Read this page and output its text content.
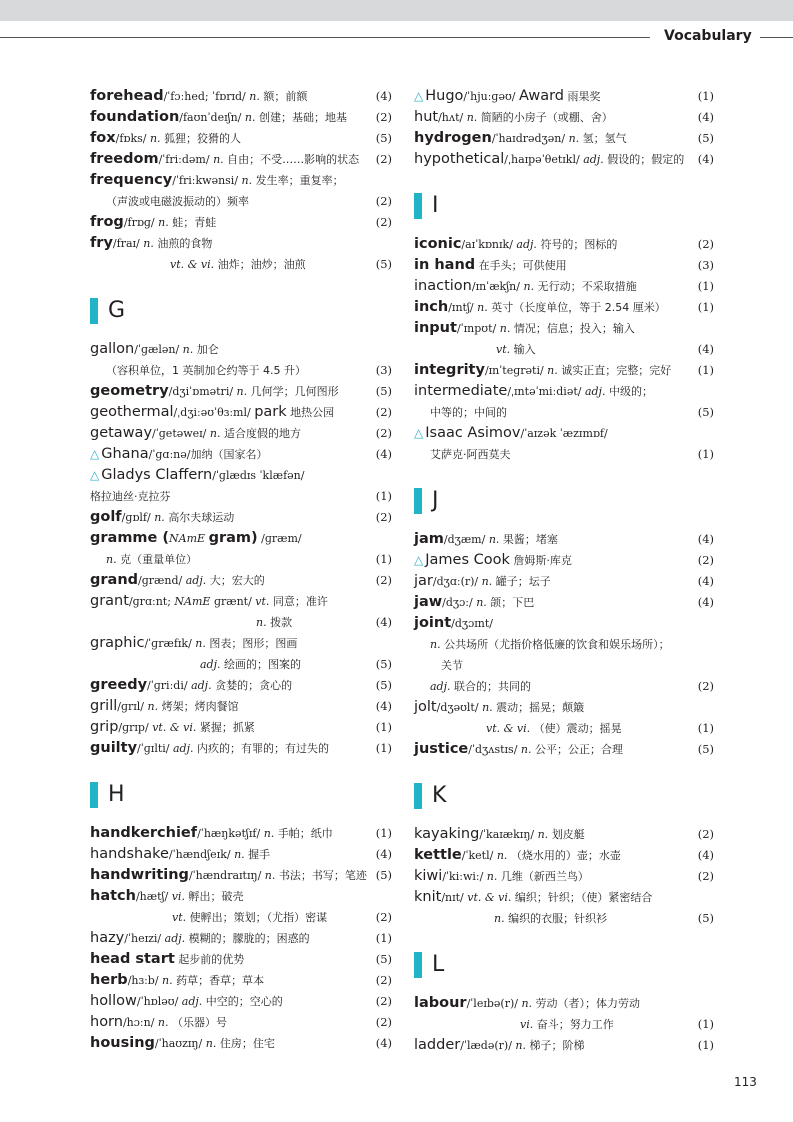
Vocabulary
forehead/ˈfɔːhed; ˈfɒrɪd/ n. 额；前额	(4)
foundation/faʊnˈdeɪʃn/ n. 创建；基础；地基 (2)
fox/fɒks/ n. 狐狸；狡猾的人	(5)
freedom/ˈfriːdəm/ n. 自由；不受……影响的状态 (2)
frequency/ˈfriːkwənsi/ n. 发生率；重复率；
（声波或电磁波振动的）频率	(2)
frog/frɒɡ/ n. 蛙；青蛙	(2)
fry/fraɪ/ n. 油煎的食物
vt. & vi. 油炸；油炒；油煎	(5)
G
gallon/ˈɡælən/ n. 加仑
（容积单位，1 英制加仑约等于 4.5 升）	(3)
geometry/dʒiˈɒmətri/ n. 几何学；几何图形	(5)
geothermal/ˌdʒiːəʊˈθɜːml/ park 地热公园	(2)
getaway/ˈɡetəweɪ/ n. 适合度假的地方	(2)
△ Ghana/ˈɡɑːnə/加纳（国家名）	(4)
△ Gladys Claffern/ˈɡlædɪs ˈklæfən/
格拉迪丝·克拉芬	(1)
golf/ɡɒlf/ n. 高尔夫球运动	(2)
gramme (NAmE gram) /ɡræm/
n. 克（重量单位）	(1)
grand/ɡrænd/ adj. 大；宏大的	(2)
grant/ɡrɑːnt; NAmE ɡrænt/ vt. 同意；准许
n. 拨款	(4)
graphic/ˈɡræfɪk/ n. 图表；图形；图画
adj. 绘画的；图案的	(5)
greedy/ˈɡriːdi/ adj. 贪婪的；贪心的	(5)
grill/ɡrɪl/ n. 烤架；烤肉餐馆	(4)
grip/ɡrɪp/ vt. & vi. 紧握；抓紧	(1)
guilty/ˈɡɪlti/ adj. 内疚的；有罪的；有过失的	(1)
H
handkerchief/ˈhæŋkətʃɪf/ n. 手帕；纸巾	(1)
handshake/ˈhændʃeɪk/ n. 握手	(4)
handwriting/ˈhændraɪtɪŋ/ n. 书法；书写；笔迹 (5)
hatch/hætʃ/ vi. 孵出；破壳
vt. 使孵出；策划；（尤指）密谋	(2)
hazy/ˈheɪzi/ adj. 模糊的；朦胧的；困惑的	(1)
head start 起步前的优势	(5)
herb/hɜːb/ n. 药草；香草；草本	(2)
hollow/ˈhɒləʊ/ adj. 中空的；空心的	(2)
horn/hɔːn/ n. （乐器）号	(2)
housing/ˈhaʊzɪŋ/ n. 住房；住宅	(4)
△ Hugo/ˈhjuːɡəʊ/ Award 雨果奖	(1)
hut/hʌt/ n. 简陋的小房子（或棚、舍）	(4)
hydrogen/ˈhaɪdrədʒən/ n. 氢；氢气	(5)
hypothetical/ˌhaɪpəˈθetɪkl/ adj. 假设的；假定的 (4)
I
iconic/aɪˈkɒnɪk/ adj. 符号的；图标的	(2)
in hand 在手头；可供使用	(3)
inaction/ɪnˈækʃn/ n. 无行动；不采取措施	(1)
inch/ɪntʃ/ n. 英寸（长度单位，等于 2.54 厘米）	(1)
input/ˈɪnpʊt/ n. 情况；信息；投入；输入
vt. 输入	(4)
integrity/ɪnˈteɡrəti/ n. 诚实正直；完整；完好 (1)
intermediate/ˌɪntəˈmiːdiət/ adj. 中级的；
中等的；中间的	(5)
△ Isaac Asimov/ˈaɪzək ˈæzɪmɒf/
艾萨克·阿西莫夫	(1)
J
jam/dʒæm/ n. 果酱；堵塞	(4)
△ James Cook 詹姆斯·库克	(2)
jar/dʒɑː(r)/ n. 罐子；坛子	(4)
jaw/dʒɔː/ n. 颌；下巴	(4)
joint/dʒɔɪnt/
n. 公共场所（尤指价格低廉的饮食和娱乐场所）；
　关节
adj. 联合的；共同的	(2)
jolt/dʒəʊlt/ n. 震动；摇晃；颠簸
vt. & vi. （使）震动；摇晃	(1)
justice/ˈdʒʌstɪs/ n. 公平；公正；合理	(5)
K
kayaking/ˈkaɪækɪŋ/ n. 划皮艇	(2)
kettle/ˈketl/ n. （烧水用的）壶；水壶	(4)
kiwi/ˈkiːwiː/ n. 几维（新西兰鸟）	(2)
knit/nɪt/ vt. & vi. 编织；针织；（使）紧密结合
n. 编织的衣服；针织衫	(5)
L
labour/ˈleɪbə(r)/ n. 劳动（者）；体力劳动
vi. 奋斗；努力工作	(1)
ladder/ˈlædə(r)/ n. 梯子；阶梯	(1)
113
